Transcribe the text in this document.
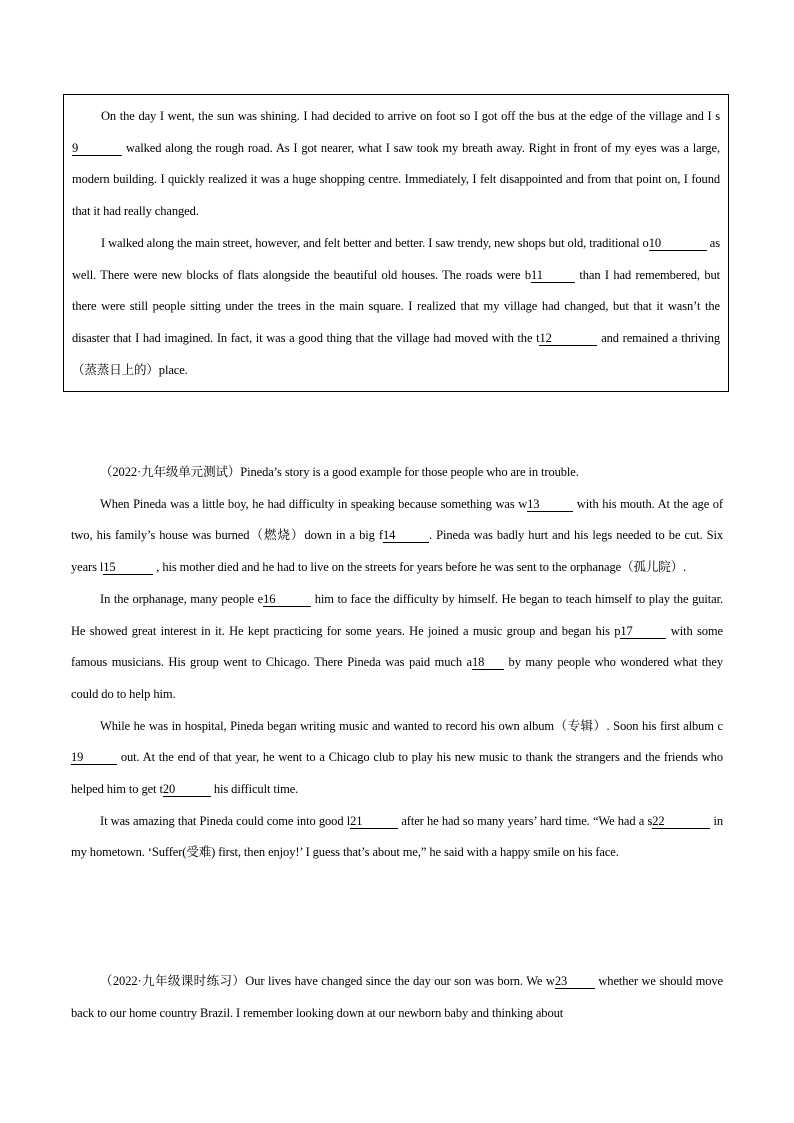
On the day I went, the sun was shining. I had decided to arrive on foot so I got off the bus at the edge of the village and I s9	walked along the rough road. As I got nearer, what I saw took my breath away. Right in front of my eyes was a large, modern building. I quickly realized it was a huge shopping centre. Immediately, I felt disappointed and from that point on, I found that it had really changed.

I walked along the main street, however, and felt better and better. I saw trendy, new shops but old, traditional o10	as well. There were new blocks of flats alongside the beautiful old houses. The roads were b11	than I had remembered, but there were still people sitting under the trees in the main square. I realized that my village had changed, but that it wasn’t the disaster that I had imagined. In fact, it was a good thing that the village had moved with the t12	and remained a thriving（蒸蒸日上的）place.

（2022·九年级单元测试）Pineda’s story is a good example for those people who are in trouble.

When Pineda was a little boy, he had difficulty in speaking because something was w13	with his mouth. At the age of two, his family’s house was burned（燃烧）down in a big f14	. Pineda was badly hurt and his legs needed to be cut. Six years l15	, his mother died and he had to live on the streets for years before he was sent to the orphanage（孤儿院）.

In the orphanage, many people e16	him to face the difficulty by himself. He began to teach himself to play the guitar. He showed great interest in it. He kept practicing for some years. He joined a music group and began his p17	with some famous musicians. His group went to Chicago. There Pineda was paid much a18 by many people who wondered what they could do to help him.

While he was in hospital, Pineda began writing music and wanted to record his own album（专辑）. Soon his first album c19	out. At the end of that year, he went to a Chicago club to play his new music to thank the strangers and the friends who helped him to get t20	his difficult time.

It was amazing that Pineda could come into good l21	after he had so many years’ hard time. “We had a s22	in my hometown. ‘Suffer(受难) first, then enjoy!’ I guess that’s about me,” he said with a happy smile on his face.

（2022·九年级课时练习）Our lives have changed since the day our son was born. We w23 whether we should move back to our home country Brazil. I remember looking down at our newborn baby and thinking about
